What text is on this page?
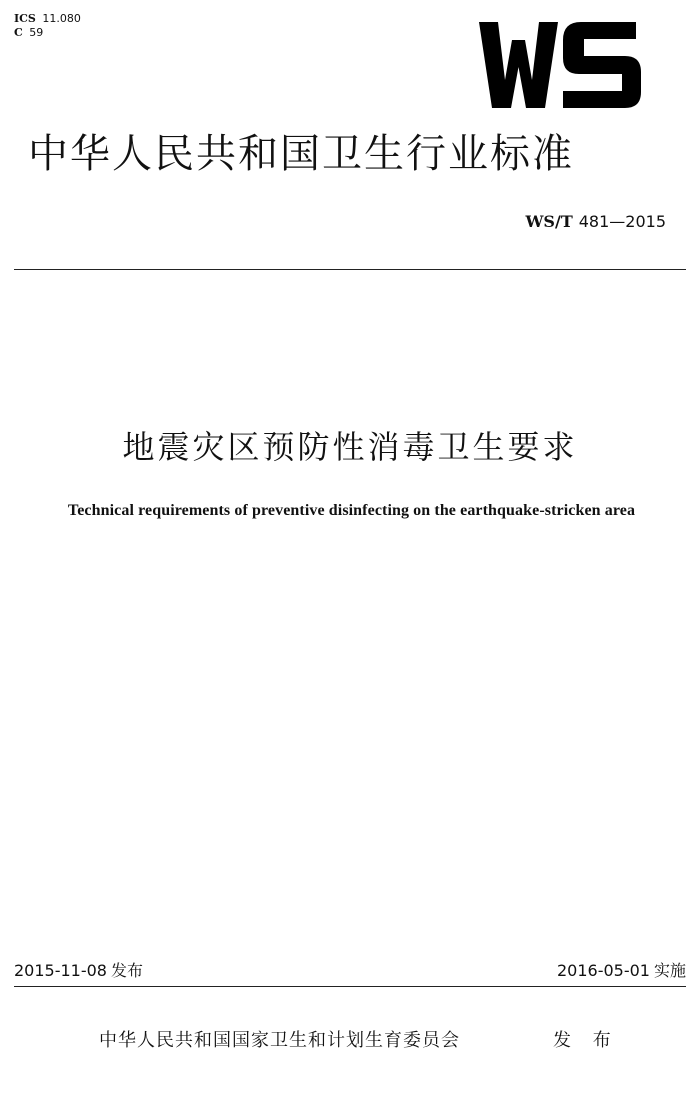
ICS 11.080
C 59
中华人民共和国卫生行业标准
WS/T 481—2015
地震灾区预防性消毒卫生要求
Technical requirements of preventive disinfecting on the earthquake-stricken area
2015-11-08 发布	2016-05-01 实施
中华人民共和国国家卫生和计划生育委员会	发 布
